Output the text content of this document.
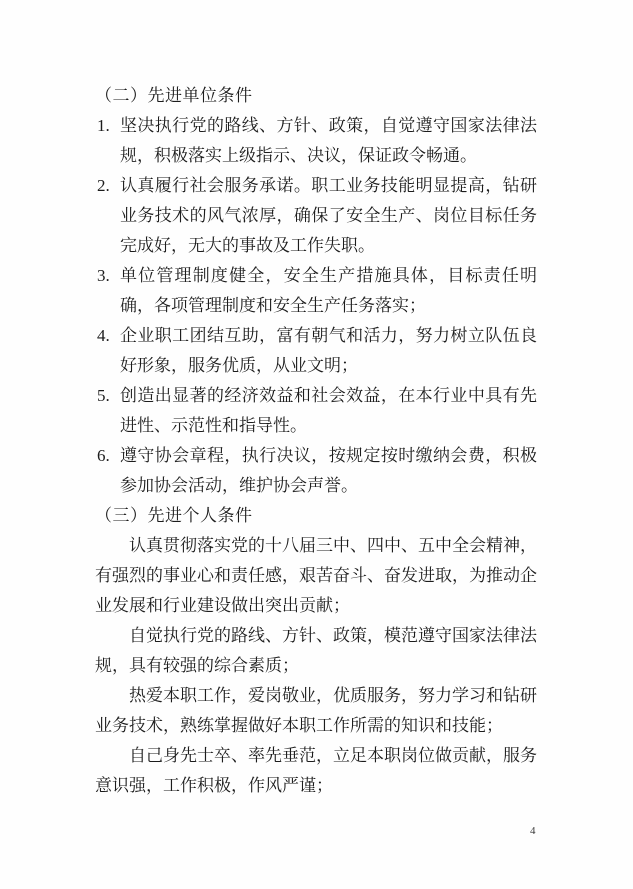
（二）先进单位条件
1. 坚决执行党的路线、方针、政策，自觉遵守国家法律法规，积极落实上级指示、决议，保证政令畅通。
2. 认真履行社会服务承诺。职工业务技能明显提高，钻研业务技术的风气浓厚，确保了安全生产、岗位目标任务完成好，无大的事故及工作失职。
3. 单位管理制度健全，安全生产措施具体，目标责任明确，各项管理制度和安全生产任务落实；
4. 企业职工团结互助，富有朝气和活力，努力树立队伍良好形象，服务优质，从业文明；
5. 创造出显著的经济效益和社会效益，在本行业中具有先进性、示范性和指导性。
6. 遵守协会章程，执行决议，按规定按时缴纳会费，积极参加协会活动，维护协会声誉。
（三）先进个人条件

认真贯彻落实党的十八届三中、四中、五中全会精神，有强烈的事业心和责任感，艰苦奋斗、奋发进取，为推动企业发展和行业建设做出突出贡献；

自觉执行党的路线、方针、政策，模范遵守国家法律法规，具有较强的综合素质；

热爱本职工作，爱岗敬业，优质服务，努力学习和钻研业务技术，熟练掌握做好本职工作所需的知识和技能；

自己身先士卒、率先垂范，立足本职岗位做贡献，服务意识强，工作积极，作风严谨；

4
